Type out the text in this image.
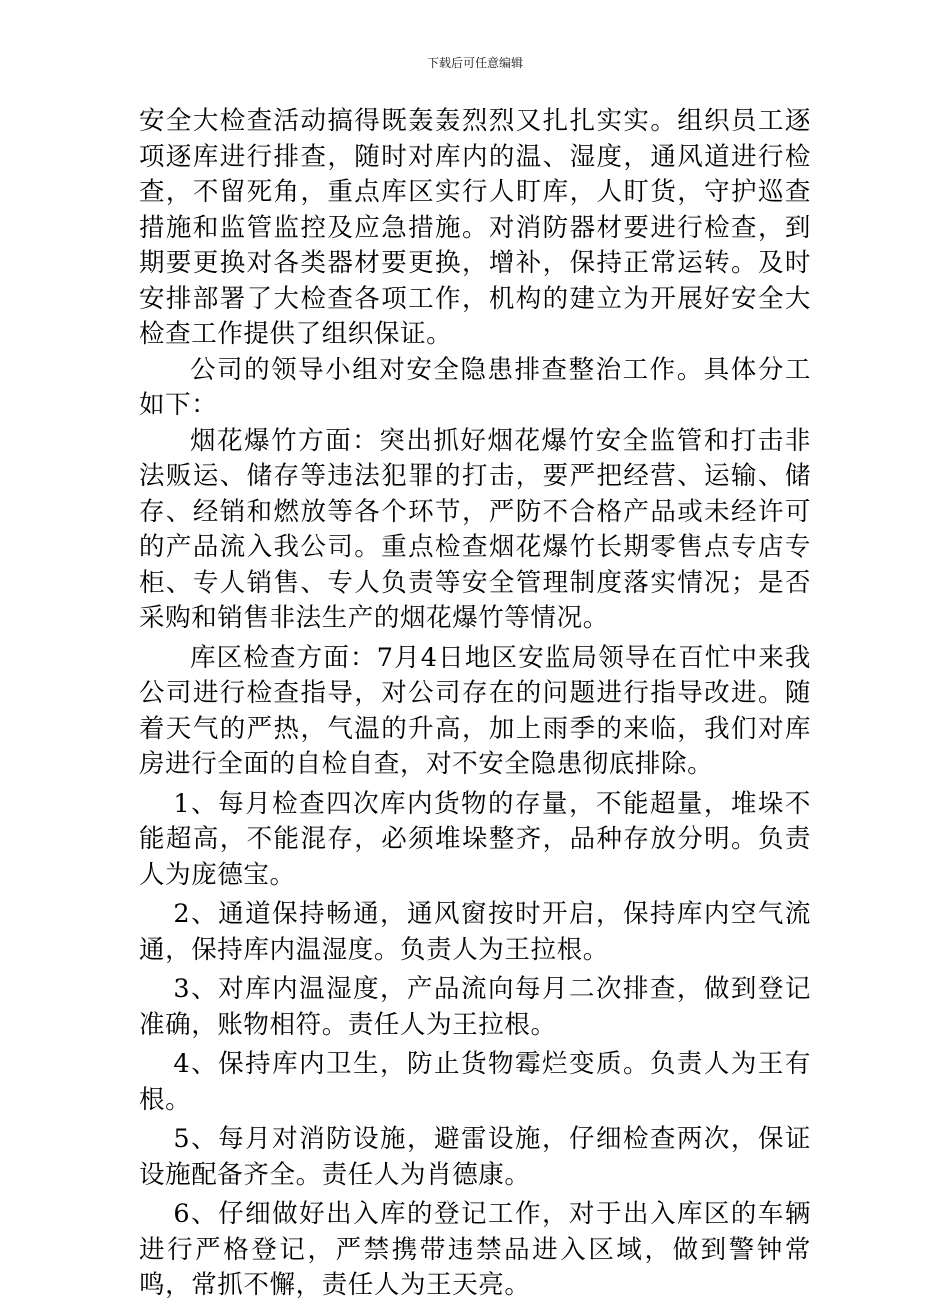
下载后可任意编辑

安全大检查活动搞得既轰轰烈烈又扎扎实实。组织员工逐项逐库进行排查，随时对库内的温、湿度，通风道进行检查，不留死角，重点库区实行人盯库，人盯货，守护巡查措施和监管监控及应急措施。对消防器材要进行检查，到期要更换对各类器材要更换，增补，保持正常运转。及时安排部署了大检查各项工作，机构的建立为开展好安全大检查工作提供了组织保证。

公司的领导小组对安全隐患排查整治工作。具体分工如下：

烟花爆竹方面：突出抓好烟花爆竹安全监管和打击非法贩运、储存等违法犯罪的打击，要严把经营、运输、储存、经销和燃放等各个环节，严防不合格产品或未经许可的产品流入我公司。重点检查烟花爆竹长期零售点专店专柜、专人销售、专人负责等安全管理制度落实情况；是否采购和销售非法生产的烟花爆竹等情况。

库区检查方面：7月4日地区安监局领导在百忙中来我公司进行检查指导，对公司存在的问题进行指导改进。随着天气的严热，气温的升高，加上雨季的来临，我们对库房进行全面的自检自查，对不安全隐患彻底排除。

1、每月检查四次库内货物的存量，不能超量，堆垛不能超高，不能混存，必须堆垛整齐，品种存放分明。负责人为庞德宝。

2、通道保持畅通，通风窗按时开启，保持库内空气流通，保持库内温湿度。负责人为王拉根。

3、对库内温湿度，产品流向每月二次排查，做到登记准确，账物相符。责任人为王拉根。

4、保持库内卫生，防止货物霉烂变质。负责人为王有根。

5、每月对消防设施，避雷设施，仔细检查两次，保证设施配备齐全。责任人为肖德康。

6、仔细做好出入库的登记工作，对于出入库区的车辆进行严格登记，严禁携带违禁品进入区域，做到警钟常鸣，常抓不懈，责任人为王天亮。
